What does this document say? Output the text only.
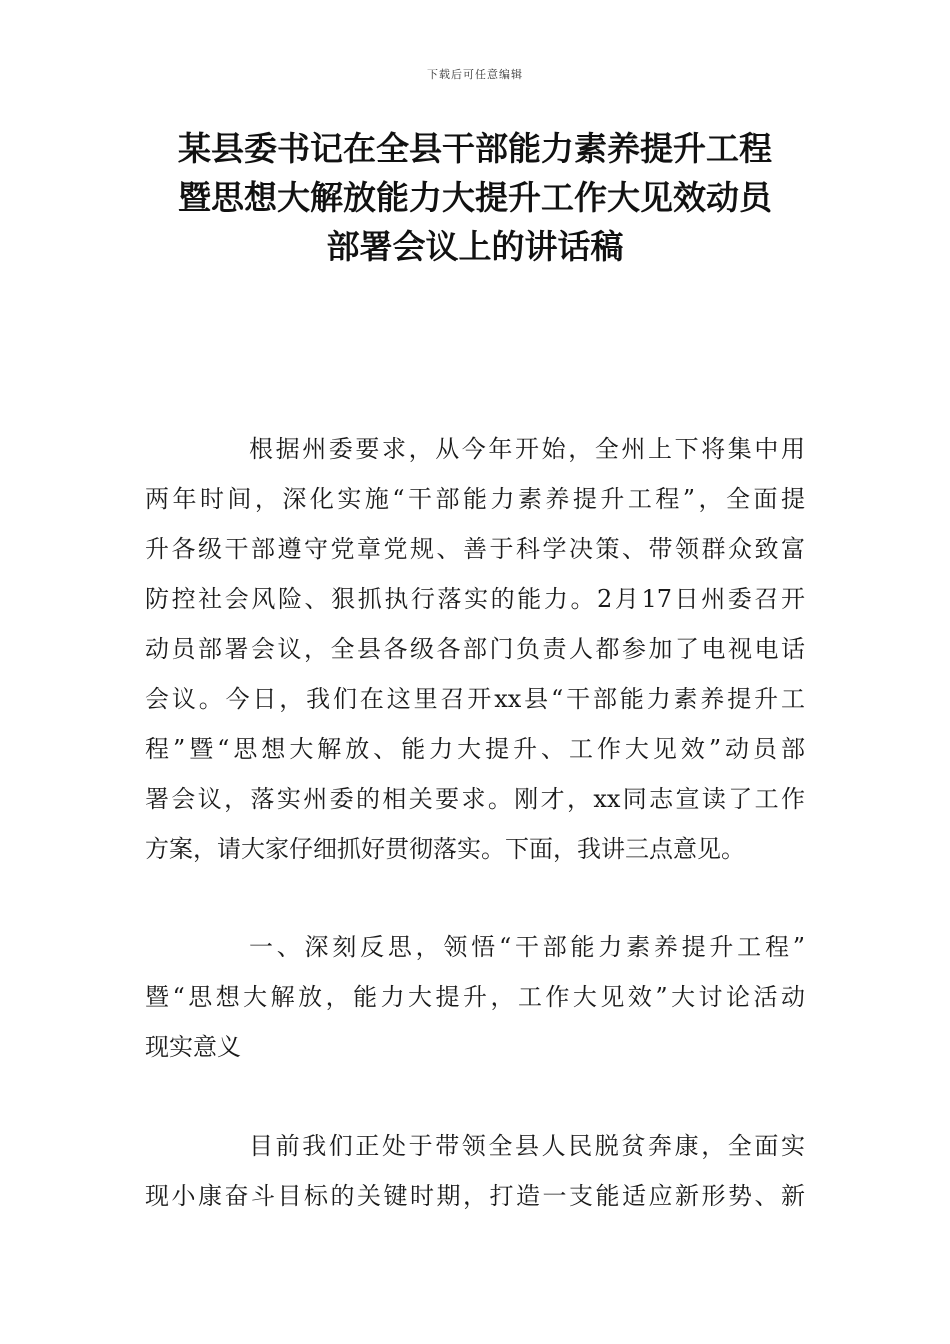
下载后可任意编辑
某县委书记在全县干部能力素养提升工程
暨思想大解放能力大提升工作大见效动员
部署会议上的讲话稿
根据州委要求，从今年开始，全州上下将集中用
两年时间，深化实施“干部能力素养提升工程”，全面提
升各级干部遵守党章党规、善于科学决策、带领群众致富
防控社会风险、狠抓执行落实的能力。2月17日州委召开
动员部署会议，全县各级各部门负责人都参加了电视电话
会议。今日，我们在这里召开xx县“干部能力素养提升工
程”暨“思想大解放、能力大提升、工作大见效”动员部
署会议，落实州委的相关要求。刚才，xx同志宣读了工作
方案，请大家仔细抓好贯彻落实。下面，我讲三点意见。
一、深刻反思，领悟“干部能力素养提升工程”
暨“思想大解放，能力大提升，工作大见效”大讨论活动
现实意义
目前我们正处于带领全县人民脱贫奔康，全面实
现小康奋斗目标的关键时期，打造一支能适应新形势、新
